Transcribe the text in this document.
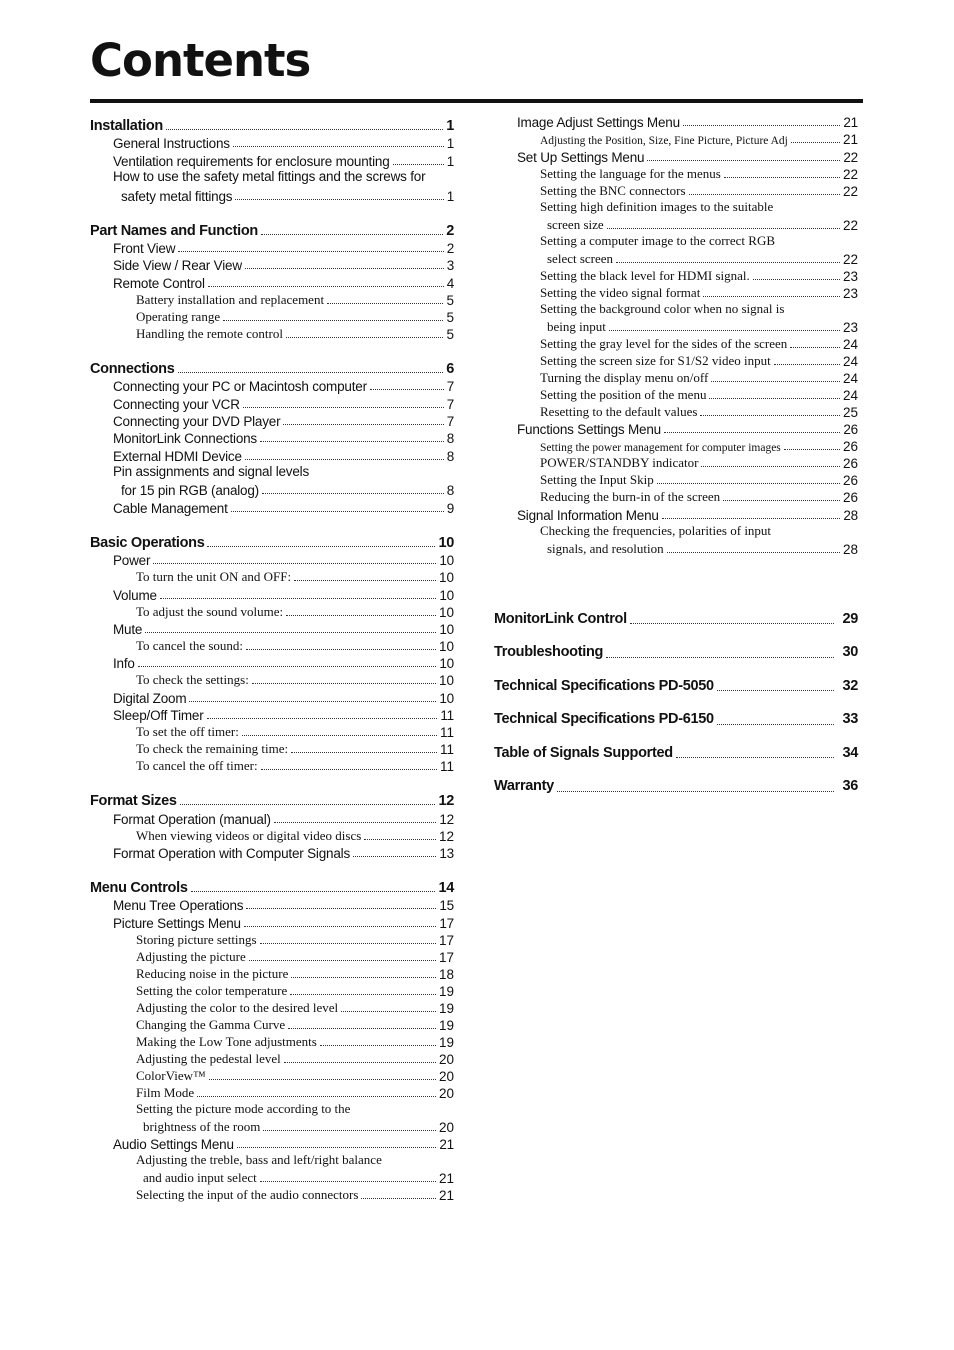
Contents
Installation	1
General Instructions	1
Ventilation requirements for enclosure mounting	1
How to use the safety metal fittings and the screws for
safety metal fittings	1
Part Names and Function	2
Front View	2
Side View / Rear View	3
Remote Control	4
Battery installation and replacement	5
Operating range	5
Handling the remote control	5
Connections	6
Connecting your PC or Macintosh computer	7
Connecting your VCR	7
Connecting your DVD Player	7
MonitorLink Connections	8
External HDMI Device	8
Pin assignments and signal levels
for 15 pin RGB (analog)	8
Cable Management	9
Basic Operations	10
Power	10
To turn the unit ON and OFF:	10
Volume	10
To adjust the sound volume:	10
Mute	10
To cancel the sound:	10
Info	10
To check the settings:	10
Digital Zoom	10
Sleep/Off Timer	11
To set the off timer:	11
To check the remaining time:	11
To cancel the off timer:	11
Format Sizes	12
Format Operation (manual)	12
When viewing videos or digital video discs	12
Format Operation with Computer Signals	13
Menu Controls	14
Menu Tree Operations	15
Picture Settings Menu	17
Storing picture settings	17
Adjusting the picture	17
Reducing noise in the picture	18
Setting the color temperature	19
Adjusting the color to the desired level	19
Changing the Gamma Curve	19
Making the Low Tone adjustments	19
Adjusting the pedestal level	20
ColorView™	20
Film Mode	20
Setting the picture mode according to the
brightness of the room	20
Audio Settings Menu	21
Adjusting the treble, bass and left/right balance
and audio input select	21
Selecting the input of the audio connectors	21
Image Adjust Settings Menu	21
Adjusting the Position, Size, Fine Picture, Picture Adj	21
Set Up Settings Menu	22
Setting the language for the menus	22
Setting the BNC connectors	22
Setting high definition images to the suitable
screen size	22
Setting a computer image to the correct RGB
select screen	22
Setting the black level for HDMI signal.	23
Setting the video signal format	23
Setting the background color when no signal is
being input	23
Setting the gray level for the sides of the screen	24
Setting the screen size for S1/S2 video input	24
Turning the display menu on/off	24
Setting the position of the menu	24
Resetting to the default values	25
Functions Settings Menu	26
Setting the power management for computer images	26
POWER/STANDBY indicator	26
Setting the Input Skip	26
Reducing the burn-in of the screen	26
Signal Information Menu	28
Checking the frequencies, polarities of input
signals, and resolution	28
MonitorLink Control	29
Troubleshooting	30
Technical Specifications PD-5050	32
Technical Specifications PD-6150	33
Table of Signals Supported	34
Warranty	36
